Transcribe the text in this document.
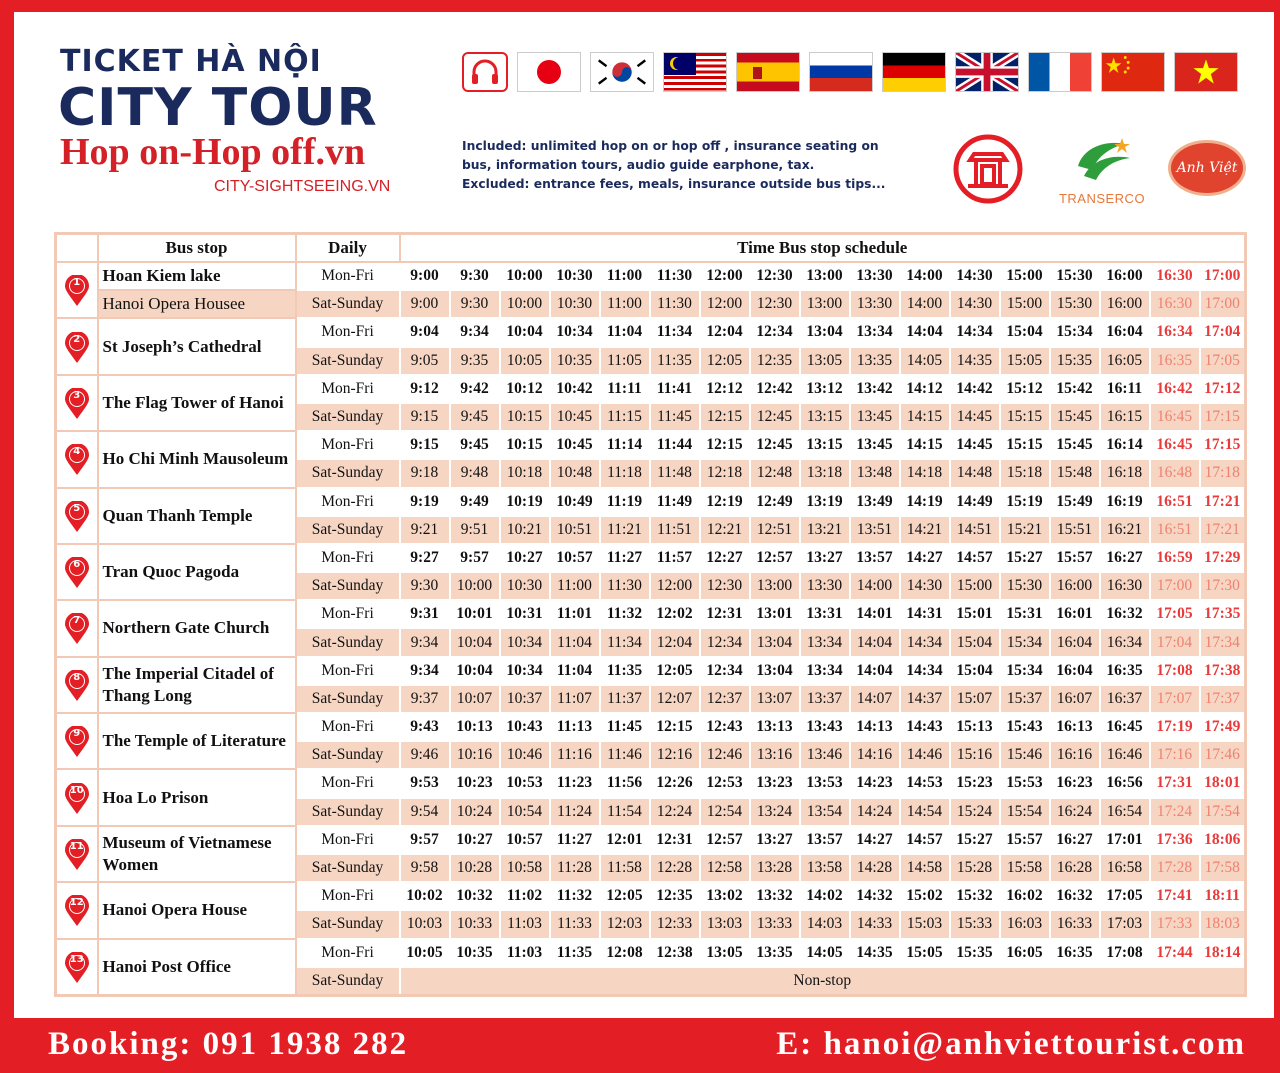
TICKET HÀ NỘI
CITY TOUR
Hop on-Hop off.vn
CITY-SIGHTSEEING.VN
Included: unlimited hop on or hop off , insurance seating on
bus, information tours, audio guide earphone, tax.
Excluded: entrance fees, meals, insurance outside bus tips...
TRANSERCO
Anh Việt
	Bus stop	Daily	Time Bus stop schedule																

1	Hoan Kiem lake	Mon-Fri	9:00	9:30	10:00	10:30	11:00	11:30	12:00	12:30	13:00	13:30	14:00	14:30	15:00	15:30	16:00	16:30	17:00
	Hanoi Opera Housee	Sat-Sunday	9:00	9:30	10:00	10:30	11:00	11:30	12:00	12:30	13:00	13:30	14:00	14:30	15:00	15:30	16:00	16:30	17:00

2	St Joseph’s Cathedral	Mon-Fri	9:04	9:34	10:04	10:34	11:04	11:34	12:04	12:34	13:04	13:34	14:04	14:34	15:04	15:34	16:04	16:34	17:04
		Sat-Sunday	9:05	9:35	10:05	10:35	11:05	11:35	12:05	12:35	13:05	13:35	14:05	14:35	15:05	15:35	16:05	16:35	17:05

3	The Flag Tower of Hanoi	Mon-Fri	9:12	9:42	10:12	10:42	11:11	11:41	12:12	12:42	13:12	13:42	14:12	14:42	15:12	15:42	16:11	16:42	17:12
		Sat-Sunday	9:15	9:45	10:15	10:45	11:15	11:45	12:15	12:45	13:15	13:45	14:15	14:45	15:15	15:45	16:15	16:45	17:15

4	Ho Chi Minh Mausoleum	Mon-Fri	9:15	9:45	10:15	10:45	11:14	11:44	12:15	12:45	13:15	13:45	14:15	14:45	15:15	15:45	16:14	16:45	17:15
		Sat-Sunday	9:18	9:48	10:18	10:48	11:18	11:48	12:18	12:48	13:18	13:48	14:18	14:48	15:18	15:48	16:18	16:48	17:18

5	Quan Thanh Temple	Mon-Fri	9:19	9:49	10:19	10:49	11:19	11:49	12:19	12:49	13:19	13:49	14:19	14:49	15:19	15:49	16:19	16:51	17:21
		Sat-Sunday	9:21	9:51	10:21	10:51	11:21	11:51	12:21	12:51	13:21	13:51	14:21	14:51	15:21	15:51	16:21	16:51	17:21

6	Tran Quoc Pagoda	Mon-Fri	9:27	9:57	10:27	10:57	11:27	11:57	12:27	12:57	13:27	13:57	14:27	14:57	15:27	15:57	16:27	16:59	17:29
		Sat-Sunday	9:30	10:00	10:30	11:00	11:30	12:00	12:30	13:00	13:30	14:00	14:30	15:00	15:30	16:00	16:30	17:00	17:30

7	Northern Gate Church	Mon-Fri	9:31	10:01	10:31	11:01	11:32	12:02	12:31	13:01	13:31	14:01	14:31	15:01	15:31	16:01	16:32	17:05	17:35
		Sat-Sunday	9:34	10:04	10:34	11:04	11:34	12:04	12:34	13:04	13:34	14:04	14:34	15:04	15:34	16:04	16:34	17:04	17:34

8	The Imperial Citadel of Thang Long	Mon-Fri	9:34	10:04	10:34	11:04	11:35	12:05	12:34	13:04	13:34	14:04	14:34	15:04	15:34	16:04	16:35	17:08	17:38
		Sat-Sunday	9:37	10:07	10:37	11:07	11:37	12:07	12:37	13:07	13:37	14:07	14:37	15:07	15:37	16:07	16:37	17:07	17:37

9	The Temple of Literature	Mon-Fri	9:43	10:13	10:43	11:13	11:45	12:15	12:43	13:13	13:43	14:13	14:43	15:13	15:43	16:13	16:45	17:19	17:49
		Sat-Sunday	9:46	10:16	10:46	11:16	11:46	12:16	12:46	13:16	13:46	14:16	14:46	15:16	15:46	16:16	16:46	17:16	17:46

10	Hoa Lo Prison	Mon-Fri	9:53	10:23	10:53	11:23	11:56	12:26	12:53	13:23	13:53	14:23	14:53	15:23	15:53	16:23	16:56	17:31	18:01
		Sat-Sunday	9:54	10:24	10:54	11:24	11:54	12:24	12:54	13:24	13:54	14:24	14:54	15:24	15:54	16:24	16:54	17:24	17:54

11	Museum of Vietnamese Women	Mon-Fri	9:57	10:27	10:57	11:27	12:01	12:31	12:57	13:27	13:57	14:27	14:57	15:27	15:57	16:27	17:01	17:36	18:06
		Sat-Sunday	9:58	10:28	10:58	11:28	11:58	12:28	12:58	13:28	13:58	14:28	14:58	15:28	15:58	16:28	16:58	17:28	17:58

12	Hanoi Opera House	Mon-Fri	10:02	10:32	11:02	11:32	12:05	12:35	13:02	13:32	14:02	14:32	15:02	15:32	16:02	16:32	17:05	17:41	18:11
		Sat-Sunday	10:03	10:33	11:03	11:33	12:03	12:33	13:03	13:33	14:03	14:33	15:03	15:33	16:03	16:33	17:03	17:33	18:03

13	Hanoi Post Office	Mon-Fri	10:05	10:35	11:03	11:35	12:08	12:38	13:05	13:35	14:05	14:35	15:05	15:35	16:05	16:35	17:08	17:44	18:14
		Sat-Sunday	Non-stop																
Booking: 091 1938 282	E: hanoi@anhviettourist.com
